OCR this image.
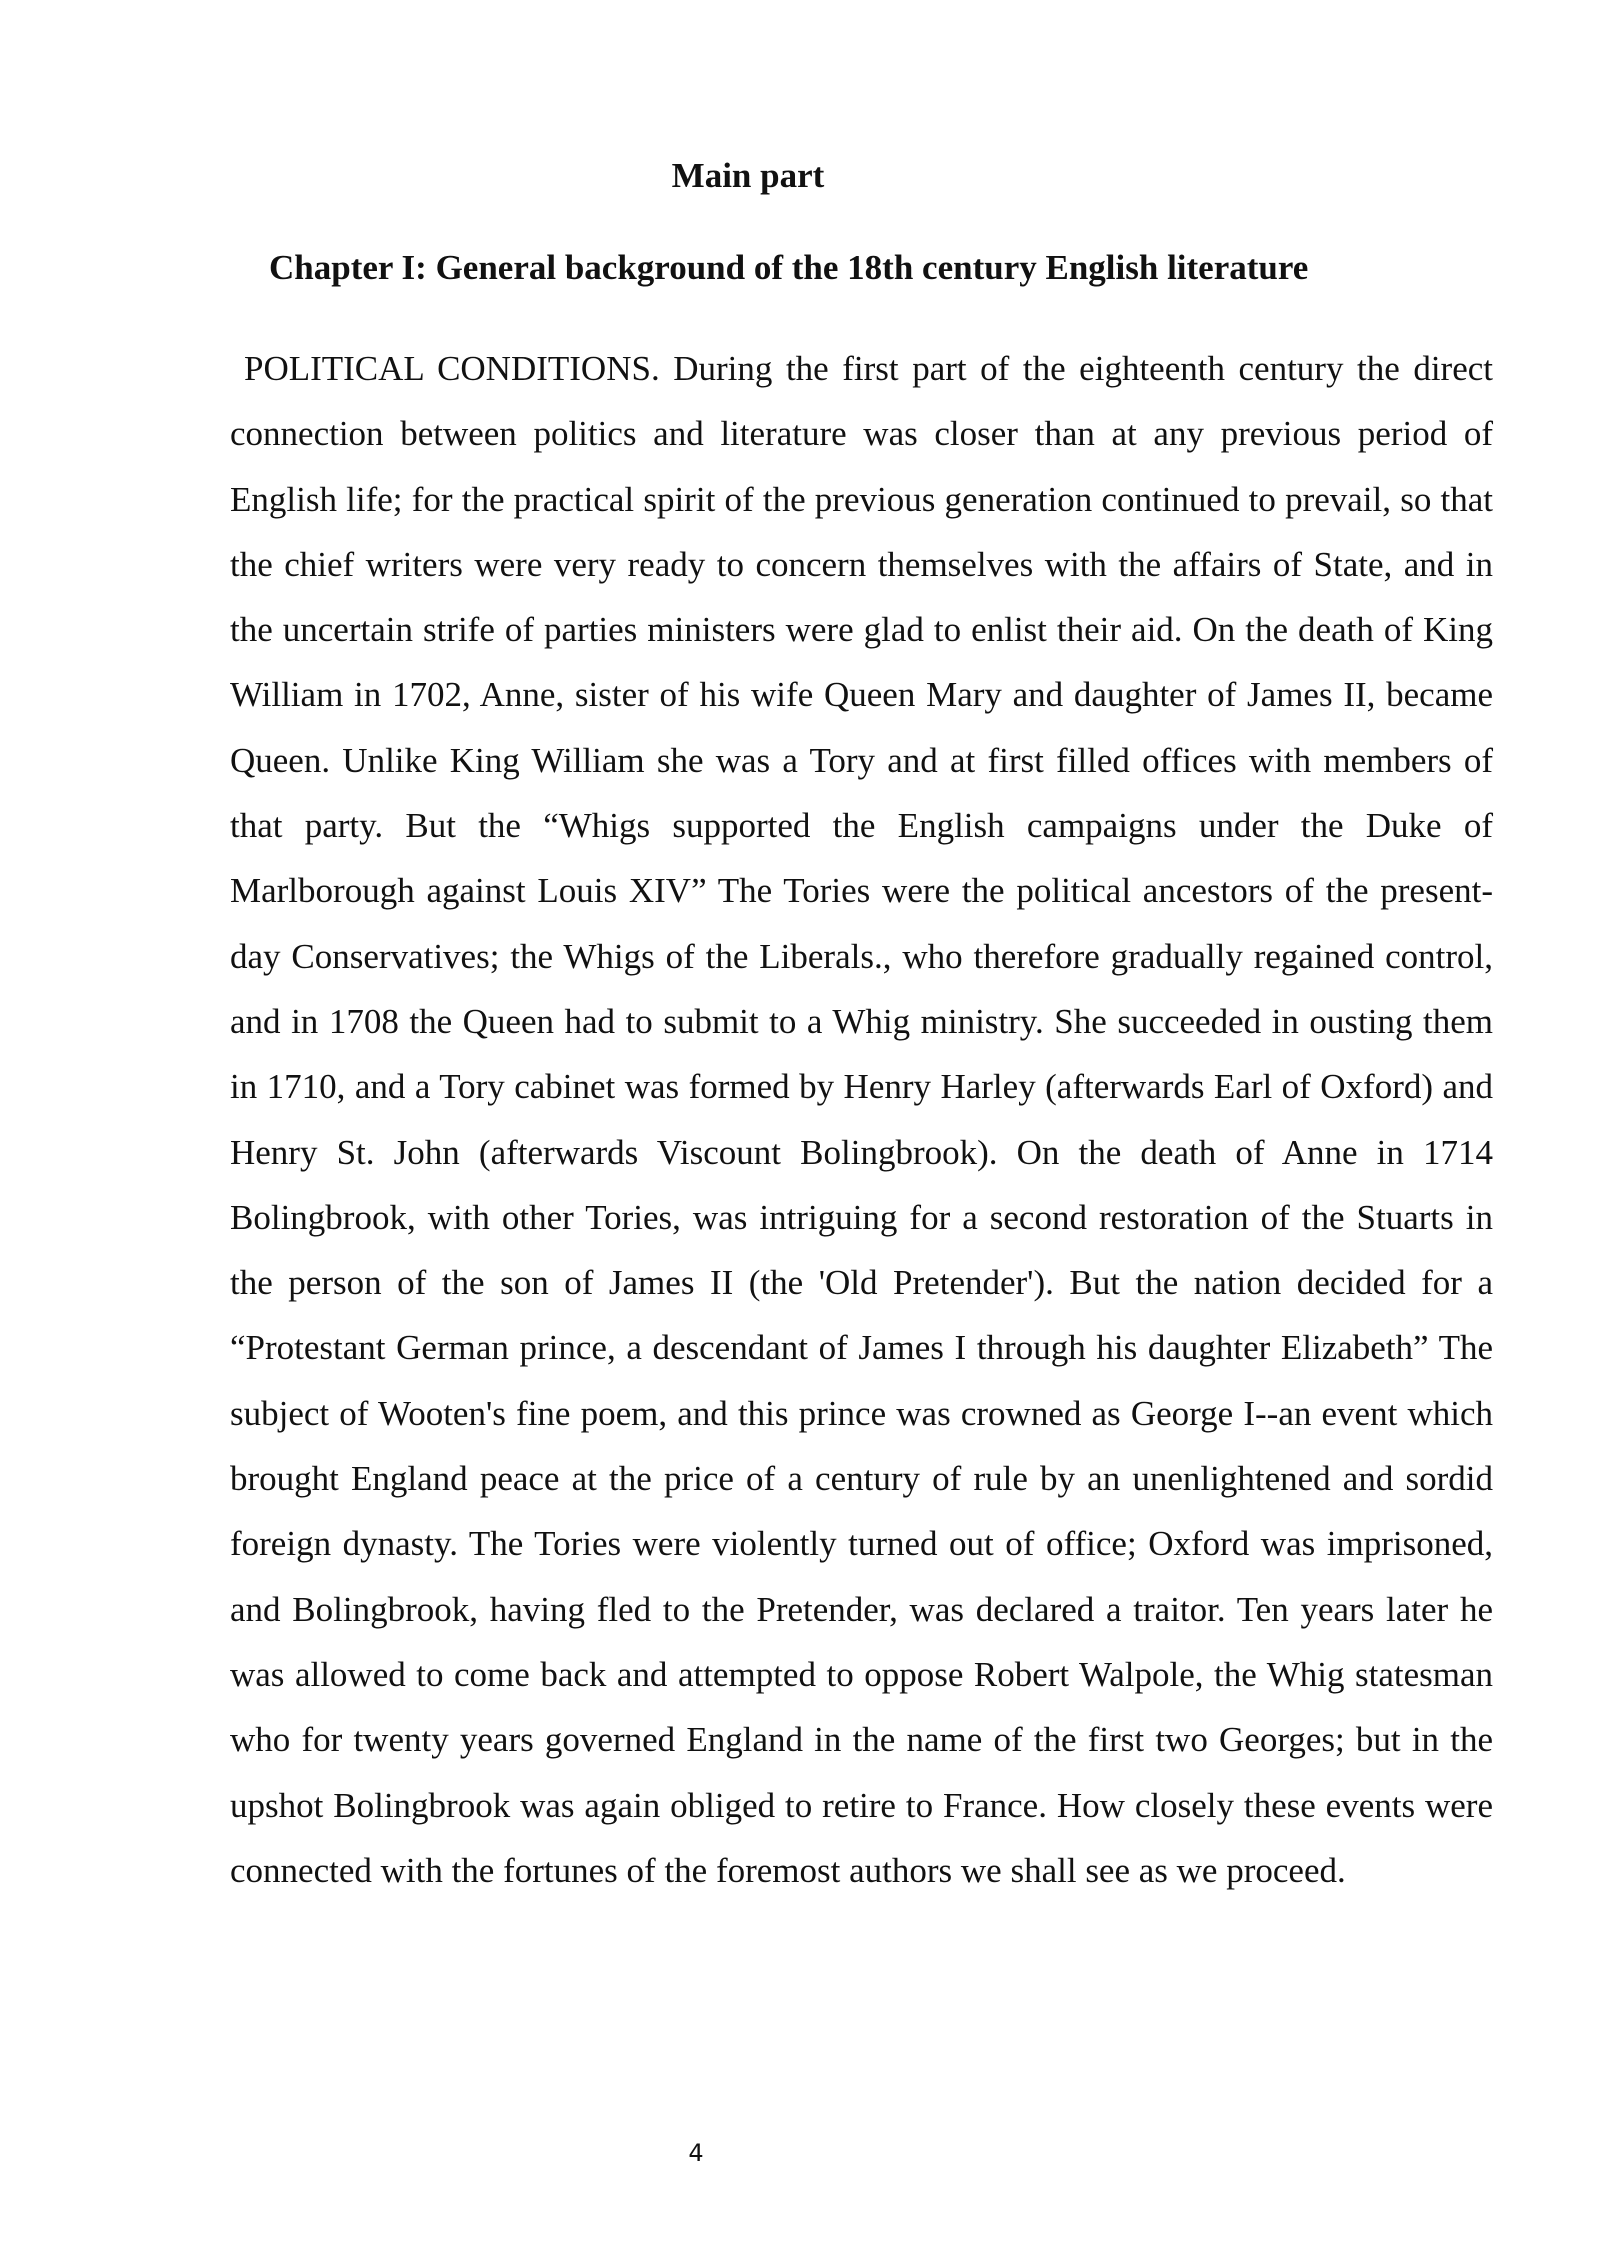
Main part
Chapter I: General background of the 18th century English literature

POLITICAL CONDITIONS. During the first part of the eighteenth century the direct connection between politics and literature was closer than at any previous period of English life; for the practical spirit of the previous generation continued to prevail, so that the chief writers were very ready to concern themselves with the affairs of State, and in the uncertain strife of parties ministers were glad to enlist their aid. On the death of King William in 1702, Anne, sister of his wife Queen Mary and daughter of James II, became Queen. Unlike King William she was a Tory and at first filled offices with members of that party. But the “Whigs supported the English campaigns under the Duke of Marlborough against Louis XIV” The Tories were the political ancestors of the present-day Conservatives; the Whigs of the Liberals., who therefore gradually regained control, and in 1708 the Queen had to submit to a Whig ministry. She succeeded in ousting them in 1710, and a Tory cabinet was formed by Henry Harley (afterwards Earl of Oxford) and Henry St. John (afterwards Viscount Bolingbrook). On the death of Anne in 1714 Bolingbrook, with other Tories, was intriguing for a second restoration of the Stuarts in the person of the son of James II (the 'Old Pretender'). But the nation decided for a “Protestant German prince, a descendant of James I through his daughter Elizabeth” The subject of Wooten's fine poem, and this prince was crowned as George I--an event which brought England peace at the price of a century of rule by an unenlightened and sordid foreign dynasty. The Tories were violently turned out of office; Oxford was imprisoned, and Bolingbrook, having fled to the Pretender, was declared a traitor. Ten years later he was allowed to come back and attempted to oppose Robert Walpole, the Whig statesman who for twenty years governed England in the name of the first two Georges; but in the upshot Bolingbrook was again obliged to retire to France. How closely these events were connected with the fortunes of the foremost authors we shall see as we proceed.

4
